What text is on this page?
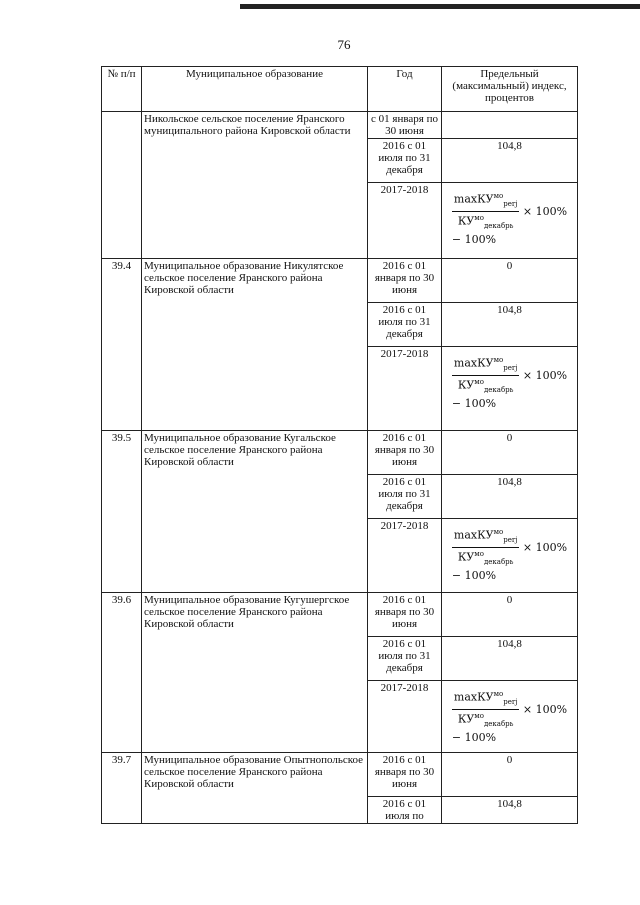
76
№ п/п	Муниципальное образование	Год	Предельный (максимальный) индекс, процентов
	Никольское сельское поселение Яранского муниципального района Кировской области	с 01 января по 30 июня	
		2016 с 01 июля по 31 декабря	104,8
		2017-2018	$\frac{\max КУ^{мо}_{perj}}{КУ^{мо}_{декабрь}} \times 100\%$
− 100%
39.4	Муниципальное образование Никулятское сельское поселение Яранского района Кировской области	2016 с 01 января по 30 июня	0
		2016 с 01 июля по 31 декабря	104,8
		2017-2018	$\frac{\max КУ^{мо}_{perj}}{КУ^{мо}_{декабрь}} \times 100\%$
− 100%
39.5	Муниципальное образование Кугальское сельское поселение Яранского района Кировской области	2016 с 01 января по 30 июня	0
		2016 с 01 июля по 31 декабря	104,8
		2017-2018	$\frac{\max КУ^{мо}_{perj}}{КУ^{мо}_{декабрь}} \times 100\%$
− 100%
39.6	Муниципальное образование Кугушергское сельское поселение Яранского района Кировской области	2016 с 01 января по 30 июня	0
		2016 с 01 июля по 31 декабря	104,8
		2017-2018	$\frac{\max КУ^{мо}_{perj}}{КУ^{мо}_{декабрь}} \times 100\%$
− 100%
39.7	Муниципальное образование Опытнопольское сельское поселение Яранского района Кировской области	2016 с 01 января по 30 июня	0
		2016 с 01 июля по	104,8
